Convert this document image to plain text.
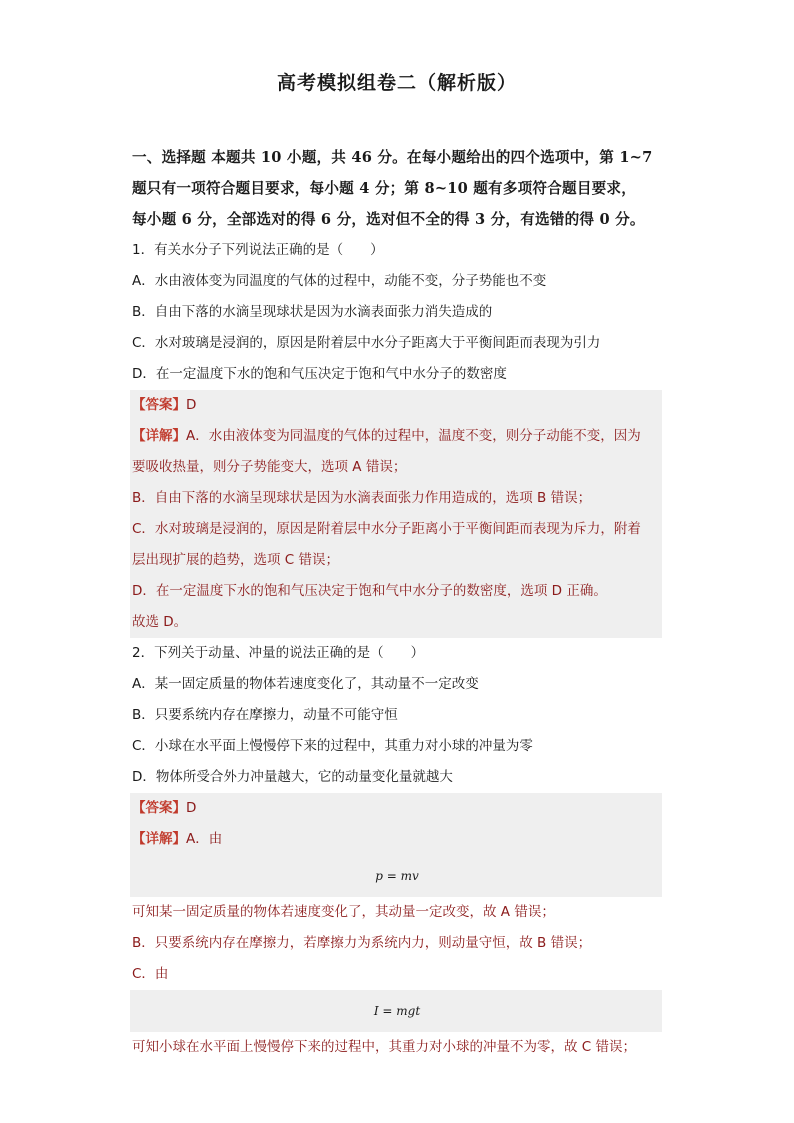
高考模拟组卷二（解析版）
一、选择题 本题共 10 小题，共 46 分。在每小题给出的四个选项中，第 1~7
题只有一项符合题目要求，每小题 4 分；第 8~10 题有多项符合题目要求，
每小题 6 分，全部选对的得 6 分，选对但不全的得 3 分，有选错的得 0 分。
1．有关水分子下列说法正确的是（　　）
A．水由液体变为同温度的气体的过程中，动能不变，分子势能也不变
B．自由下落的水滴呈现球状是因为水滴表面张力消失造成的
C．水对玻璃是浸润的，原因是附着层中水分子距离大于平衡间距而表现为引力
D．在一定温度下水的饱和气压决定于饱和气中水分子的数密度
【答案】D
【详解】A．水由液体变为同温度的气体的过程中，温度不变，则分子动能不变，因为
要吸收热量，则分子势能变大，选项 A 错误；
B．自由下落的水滴呈现球状是因为水滴表面张力作用造成的，选项 B 错误；
C．水对玻璃是浸润的，原因是附着层中水分子距离小于平衡间距而表现为斥力，附着
层出现扩展的趋势，选项 C 错误；
D．在一定温度下水的饱和气压决定于饱和气中水分子的数密度，选项 D 正确。
故选 D。
2．下列关于动量、冲量的说法正确的是（　　）
A．某一固定质量的物体若速度变化了，其动量不一定改变
B．只要系统内存在摩擦力，动量不可能守恒
C．小球在水平面上慢慢停下来的过程中，其重力对小球的冲量为零
D．物体所受合外力冲量越大，它的动量变化量就越大
【答案】D
【详解】A．由
p = mv
可知某一固定质量的物体若速度变化了，其动量一定改变，故 A 错误；
B．只要系统内存在摩擦力，若摩擦力为系统内力，则动量守恒，故 B 错误；
C．由
I = mgt
可知小球在水平面上慢慢停下来的过程中，其重力对小球的冲量不为零，故 C 错误；
